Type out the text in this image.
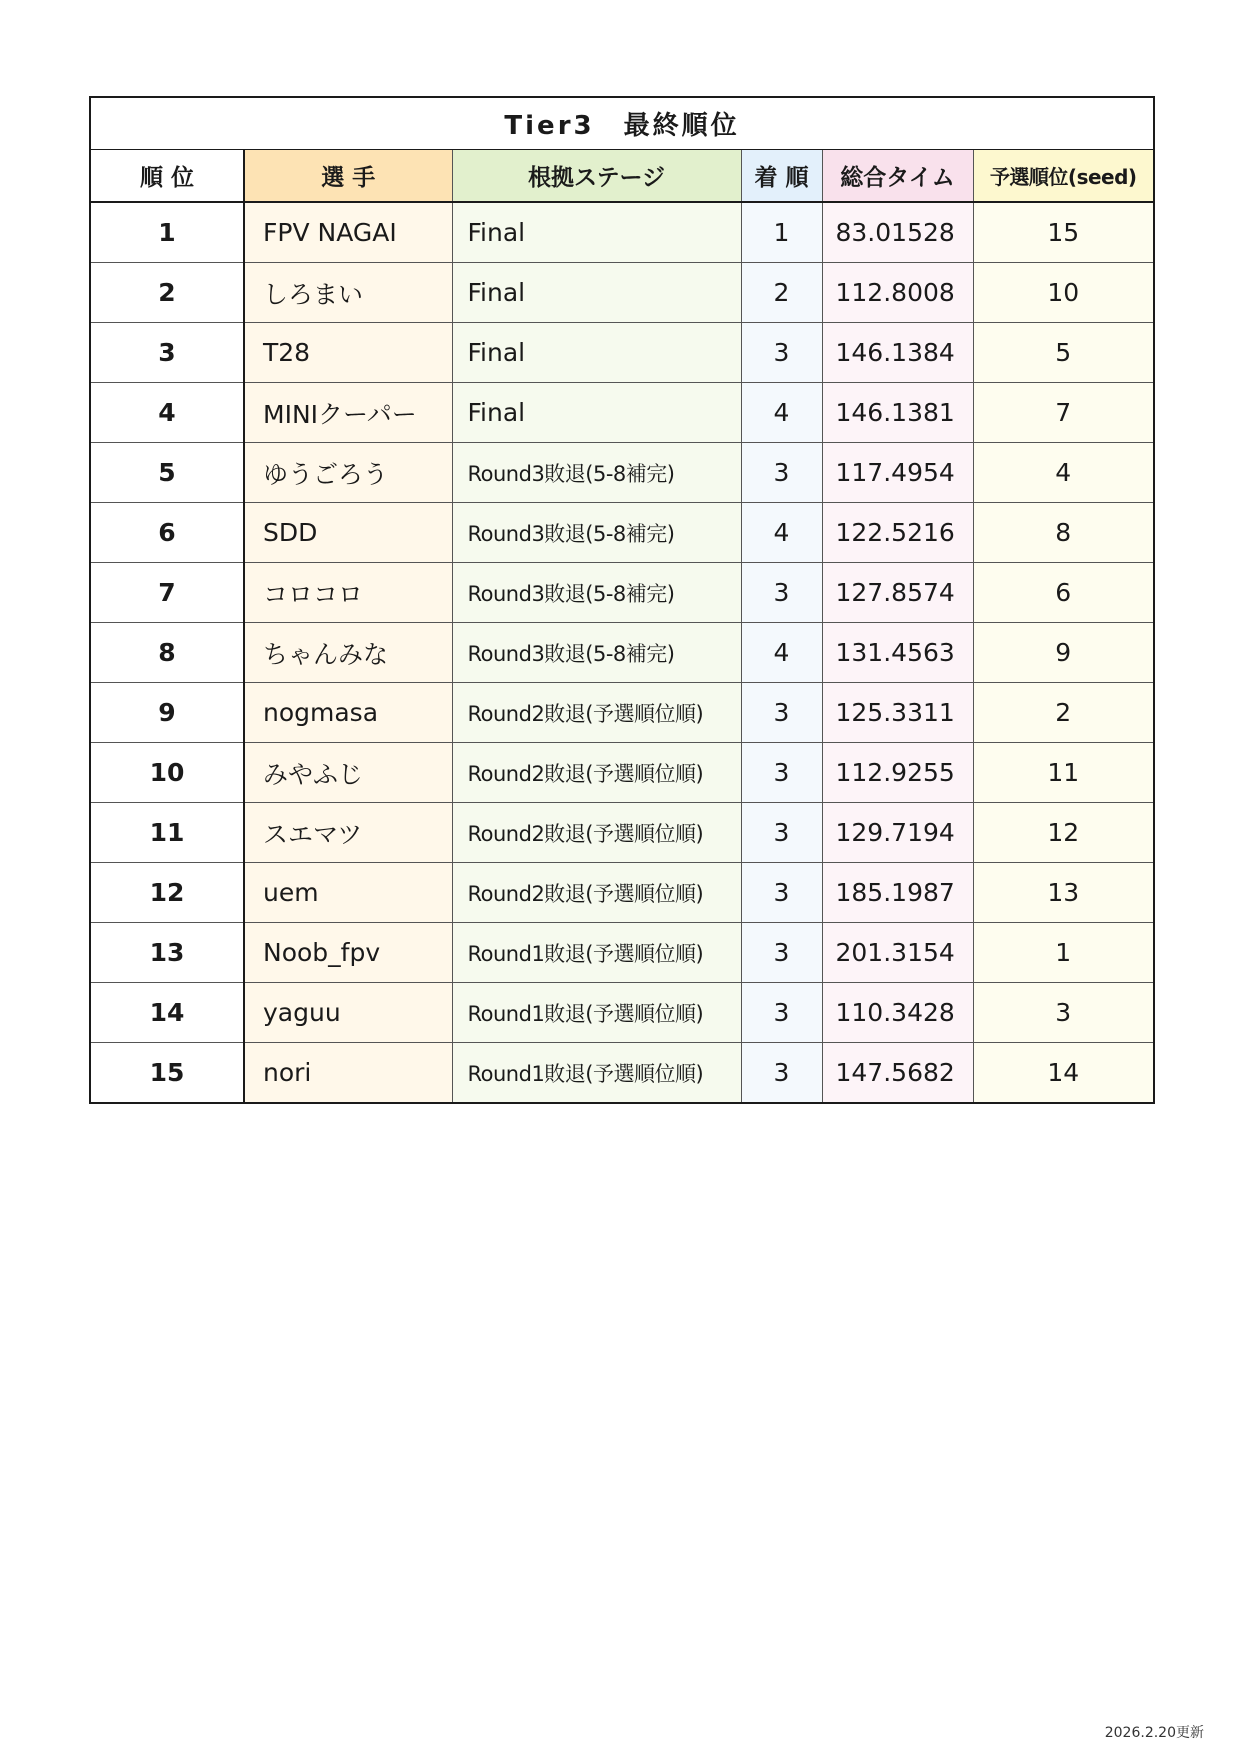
Tier3　最終順位					
順 位	選 手	根拠ステージ	着 順	総合タイム	予選順位(seed)
1	FPV NAGAI	Final	1	83.01528	15
2	しろまい	Final	2	112.8008	10
3	T28	Final	3	146.1384	5
4	MINIクーパー	Final	4	146.1381	7
5	ゆうごろう	Round3敗退(5-8補完)	3	117.4954	4
6	SDD	Round3敗退(5-8補完)	4	122.5216	8
7	コロコロ	Round3敗退(5-8補完)	3	127.8574	6
8	ちゃんみな	Round3敗退(5-8補完)	4	131.4563	9
9	nogmasa	Round2敗退(予選順位順)	3	125.3311	2
10	みやふじ	Round2敗退(予選順位順)	3	112.9255	11
11	スエマツ	Round2敗退(予選順位順)	3	129.7194	12
12	uem	Round2敗退(予選順位順)	3	185.1987	13
13	Noob_fpv	Round1敗退(予選順位順)	3	201.3154	1
14	yaguu	Round1敗退(予選順位順)	3	110.3428	3
15	nori	Round1敗退(予選順位順)	3	147.5682	14
2026.2.20更新
